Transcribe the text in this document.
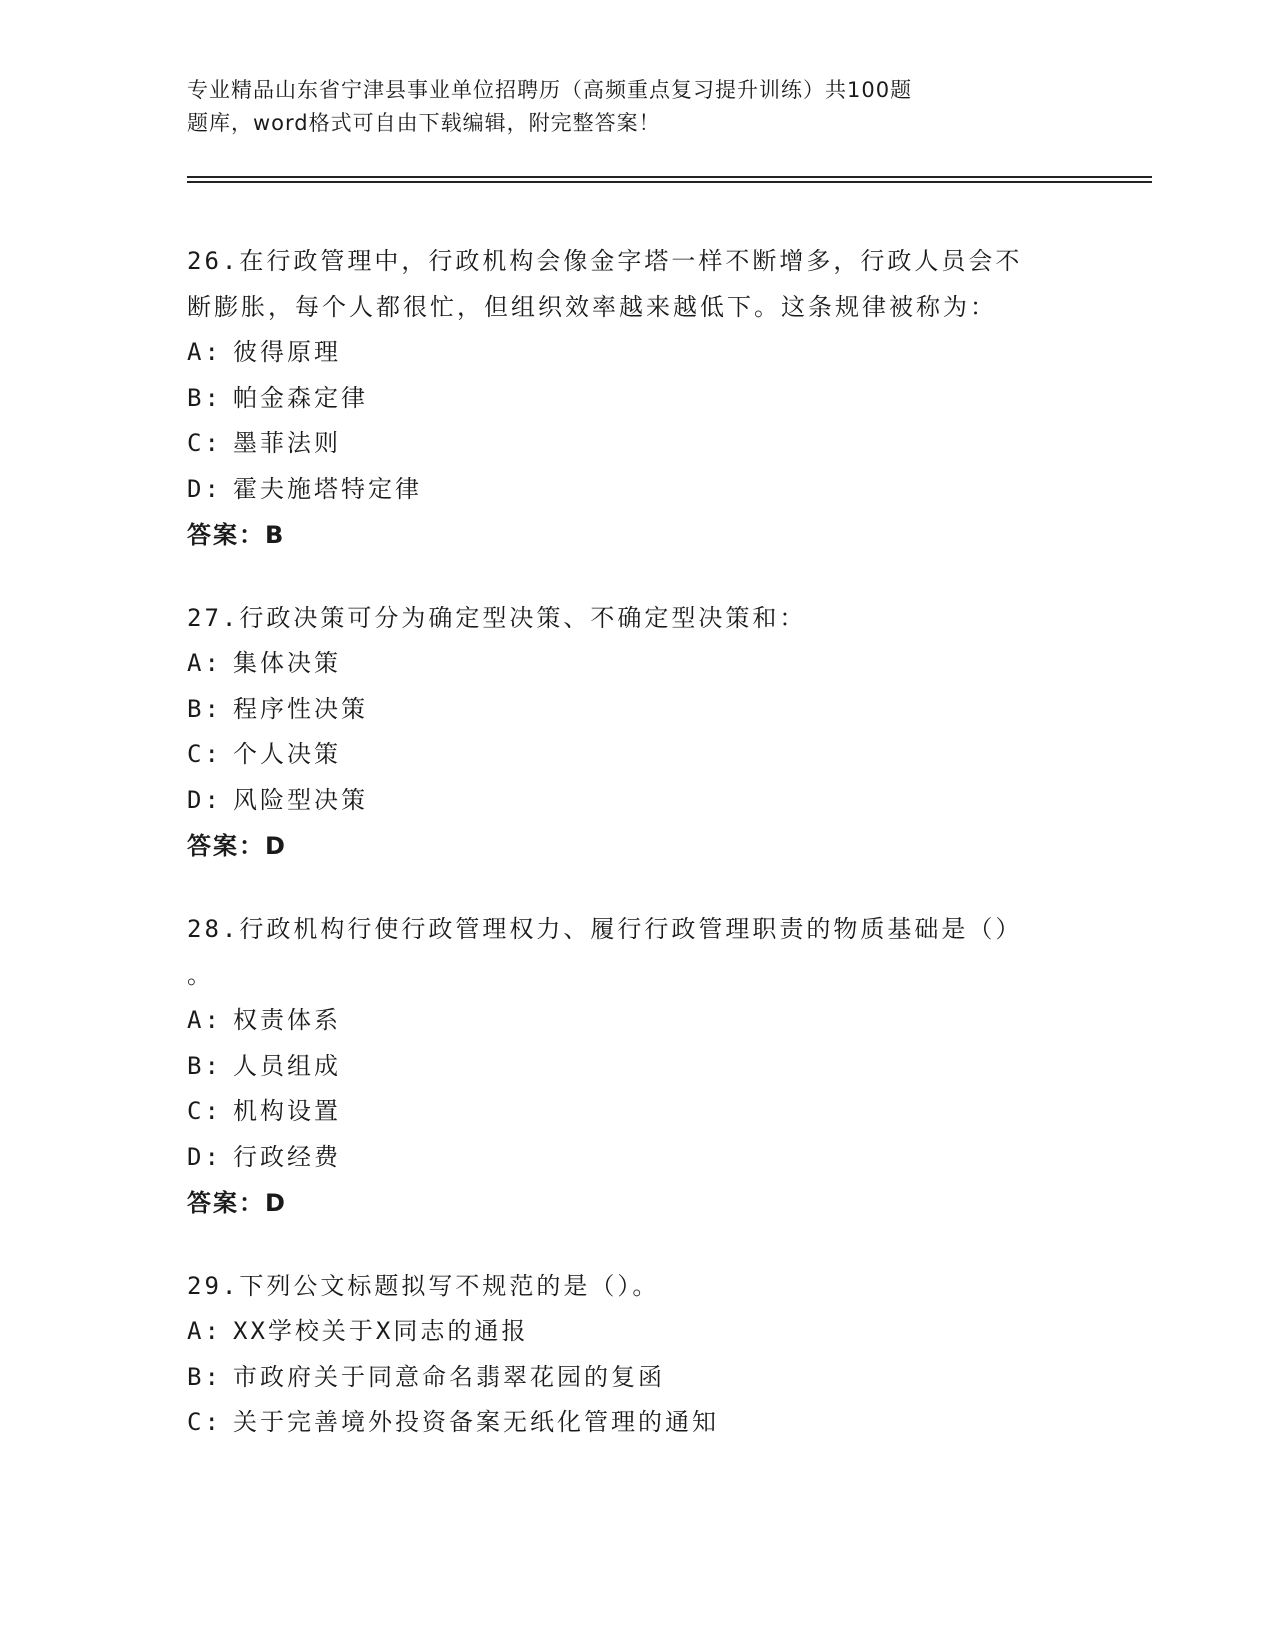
专业精品山东省宁津县事业单位招聘历（高频重点复习提升训练）共100题
题库，word格式可自由下载编辑，附完整答案！
26.在行政管理中，行政机构会像金字塔一样不断增多，行政人员会不
断膨胀，每个人都很忙，但组织效率越来越低下。这条规律被称为：
A: 彼得原理
B: 帕金森定律
C: 墨菲法则
D: 霍夫施塔特定律
答案：B
27.行政决策可分为确定型决策、不确定型决策和：
A: 集体决策
B: 程序性决策
C: 个人决策
D: 风险型决策
答案：D
28.行政机构行使行政管理权力、履行行政管理职责的物质基础是（）
。
A: 权责体系
B: 人员组成
C: 机构设置
D: 行政经费
答案：D
29.下列公文标题拟写不规范的是（）。
A: XX学校关于X同志的通报
B: 市政府关于同意命名翡翠花园的复函
C: 关于完善境外投资备案无纸化管理的通知
